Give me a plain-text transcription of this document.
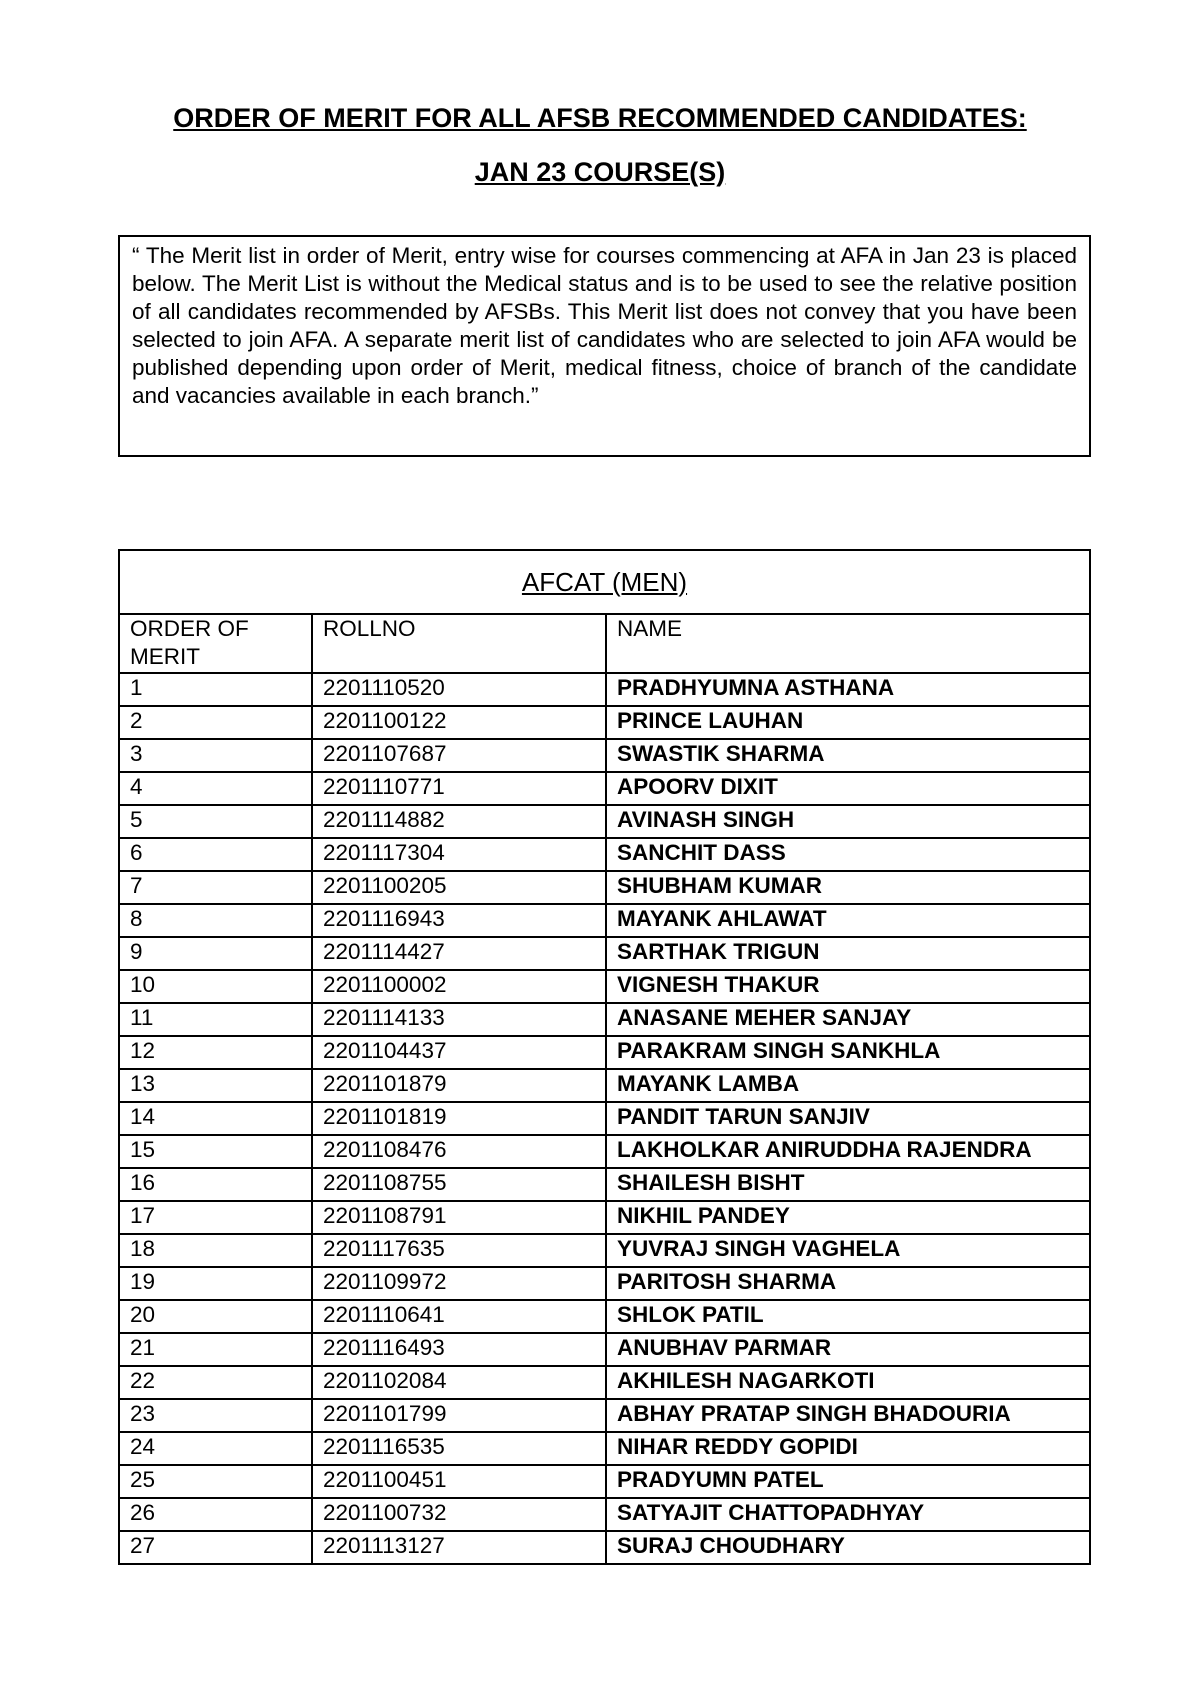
ORDER OF MERIT FOR ALL AFSB RECOMMENDED CANDIDATES:
JAN 23 COURSE(S)
“ The Merit list in order of Merit, entry wise for courses commencing at AFA in Jan 23 is placed below. The Merit List is without the Medical status and is to be used to see the relative position of all candidates recommended by AFSBs. This Merit list does not convey that you have been selected to join AFA. A separate merit list of candidates who are selected to join AFA would be published depending upon order of Merit, medical fitness, choice of branch of the candidate and vacancies available in each branch.”
AFCAT (MEN)		
ORDER OF MERIT	ROLLNO	NAME
1	2201110520	PRADHYUMNA ASTHANA
2	2201100122	PRINCE LAUHAN
3	2201107687	SWASTIK SHARMA
4	2201110771	APOORV DIXIT
5	2201114882	AVINASH SINGH
6	2201117304	SANCHIT DASS
7	2201100205	SHUBHAM KUMAR
8	2201116943	MAYANK AHLAWAT
9	2201114427	SARTHAK TRIGUN
10	2201100002	VIGNESH THAKUR
11	2201114133	ANASANE MEHER SANJAY
12	2201104437	PARAKRAM SINGH SANKHLA
13	2201101879	MAYANK LAMBA
14	2201101819	PANDIT TARUN SANJIV
15	2201108476	LAKHOLKAR ANIRUDDHA RAJENDRA
16	2201108755	SHAILESH BISHT
17	2201108791	NIKHIL PANDEY
18	2201117635	YUVRAJ SINGH VAGHELA
19	2201109972	PARITOSH SHARMA
20	2201110641	SHLOK PATIL
21	2201116493	ANUBHAV PARMAR
22	2201102084	AKHILESH NAGARKOTI
23	2201101799	ABHAY PRATAP SINGH BHADOURIA
24	2201116535	NIHAR REDDY GOPIDI
25	2201100451	PRADYUMN PATEL
26	2201100732	SATYAJIT CHATTOPADHYAY
27	2201113127	SURAJ CHOUDHARY
